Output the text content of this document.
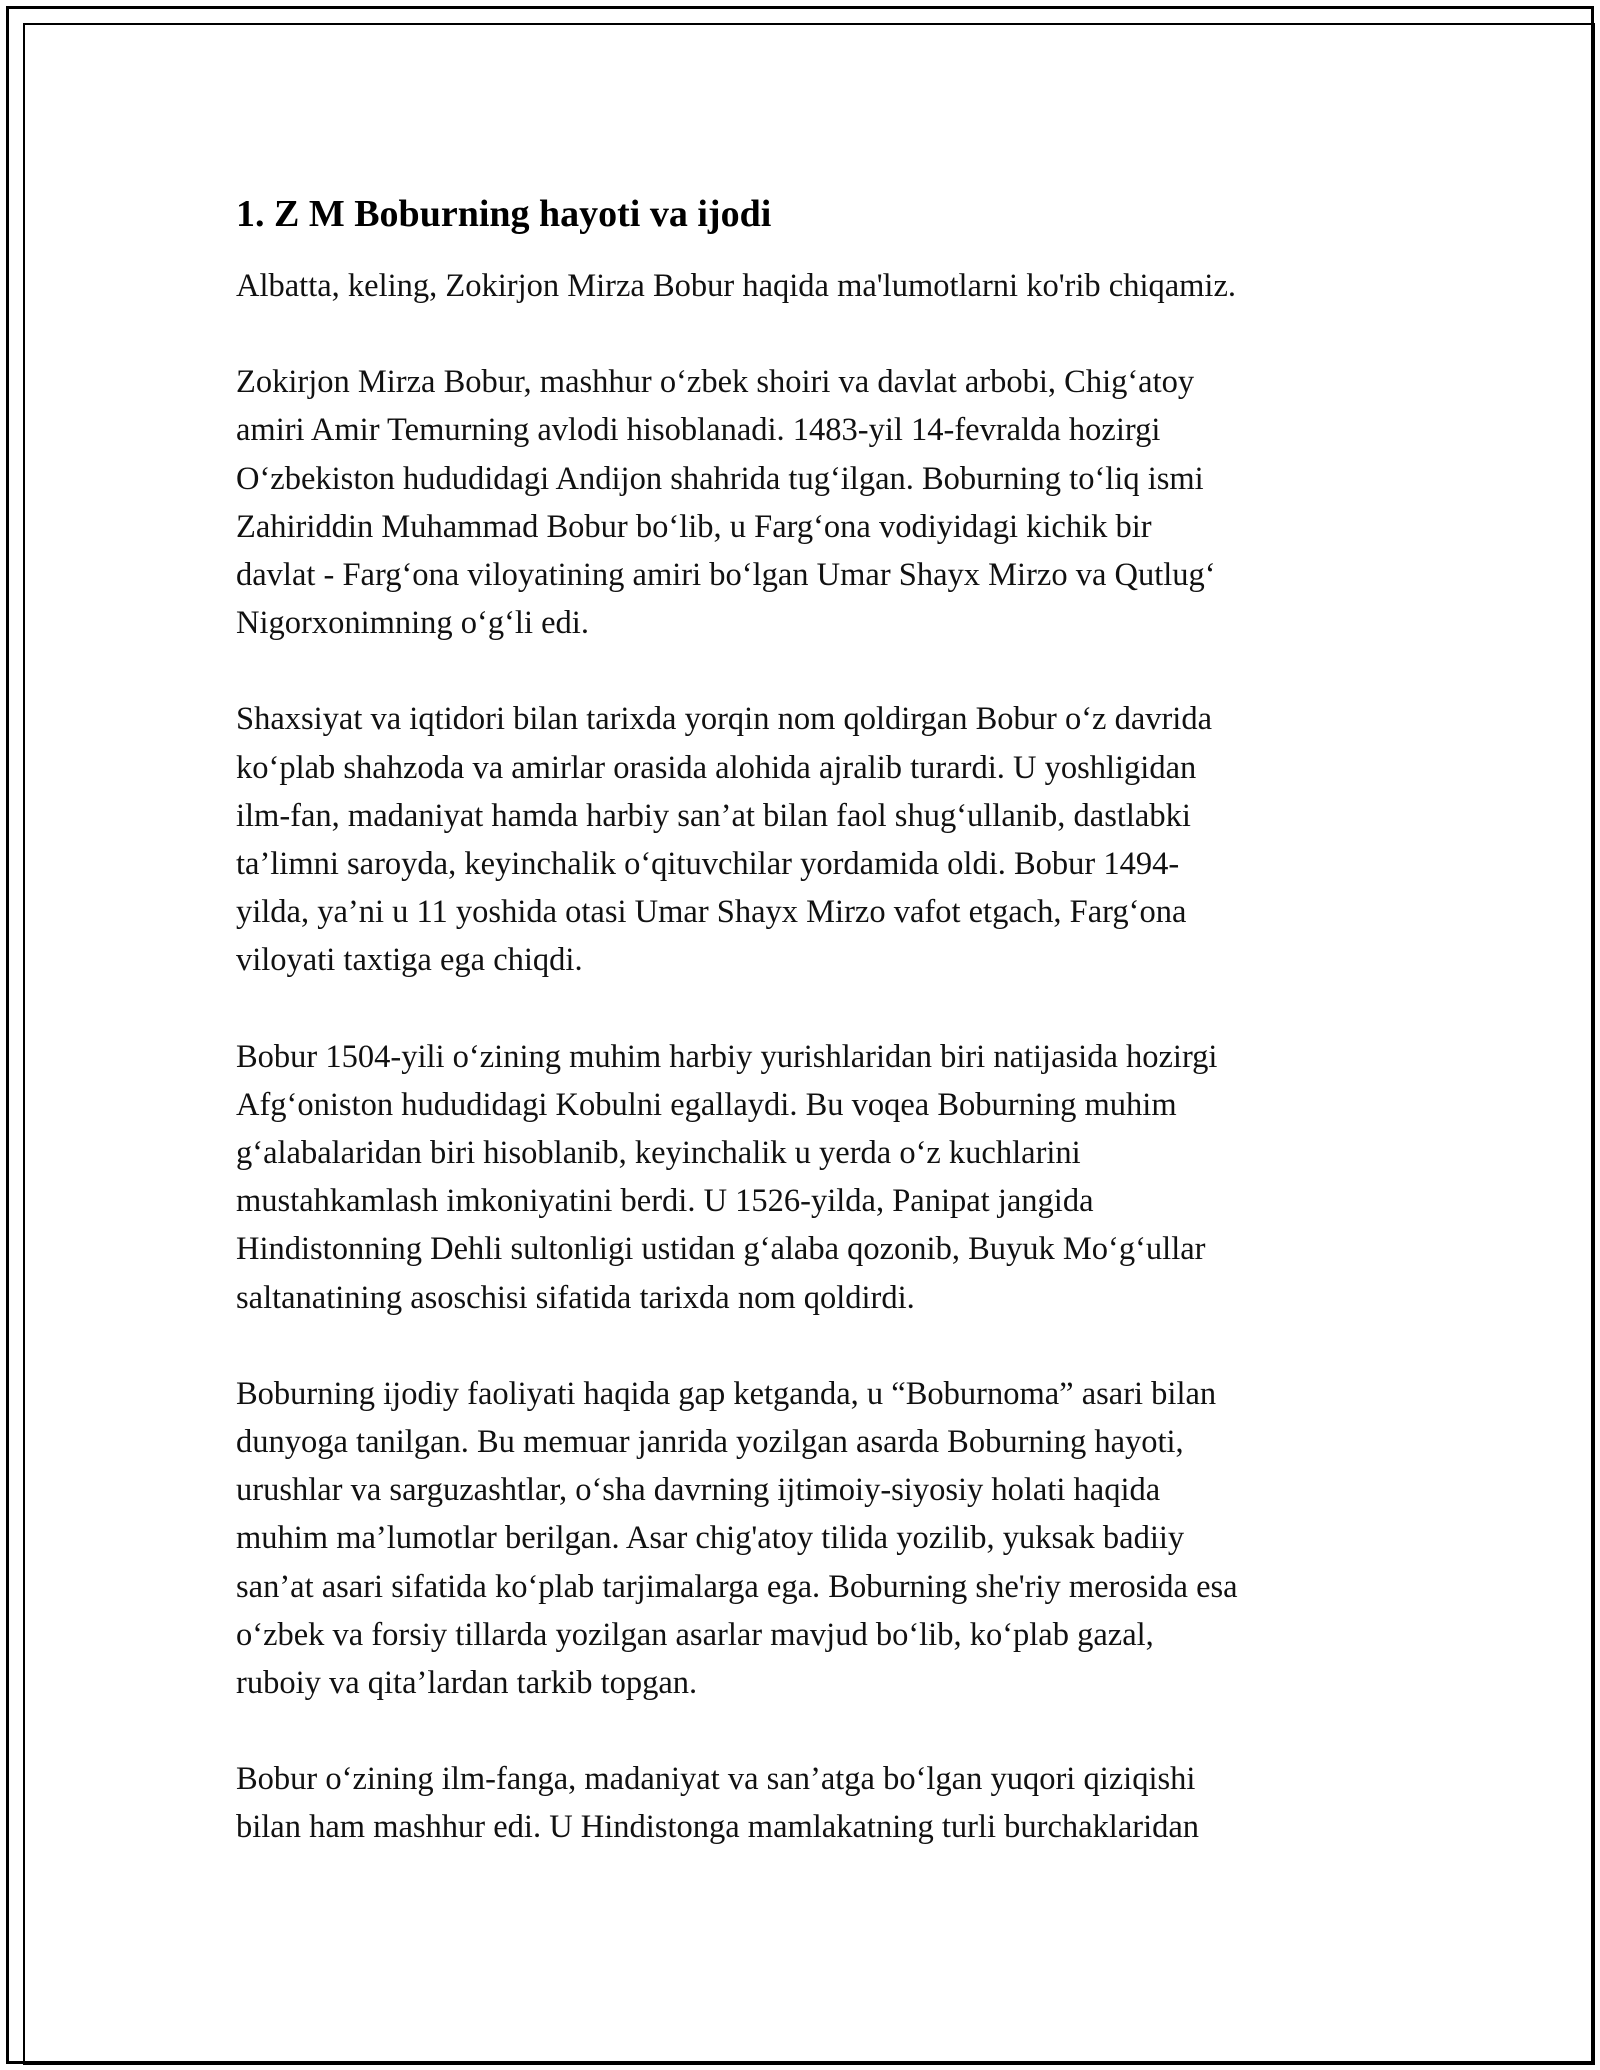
1. Z M Boburning hayoti va ijodi

Albatta, keling, Zokirjon Mirza Bobur haqida ma'lumotlarni ko'rib chiqamiz.

Zokirjon Mirza Bobur, mashhur o‘zbek shoiri va davlat arbobi, Chig‘atoy
amiri Amir Temurning avlodi hisoblanadi. 1483-yil 14-fevralda hozirgi
O‘zbekiston hududidagi Andijon shahrida tug‘ilgan. Boburning to‘liq ismi
Zahiriddin Muhammad Bobur bo‘lib, u Farg‘ona vodiyidagi kichik bir
davlat - Farg‘ona viloyatining amiri bo‘lgan Umar Shayx Mirzo va Qutlug‘
Nigorxonimning o‘g‘li edi.

Shaxsiyat va iqtidori bilan tarixda yorqin nom qoldirgan Bobur o‘z davrida
ko‘plab shahzoda va amirlar orasida alohida ajralib turardi. U yoshligidan
ilm-fan, madaniyat hamda harbiy san’at bilan faol shug‘ullanib, dastlabki
ta’limni saroyda, keyinchalik o‘qituvchilar yordamida oldi. Bobur 1494-
yilda, ya’ni u 11 yoshida otasi Umar Shayx Mirzo vafot etgach, Farg‘ona
viloyati taxtiga ega chiqdi.

Bobur 1504-yili o‘zining muhim harbiy yurishlaridan biri natijasida hozirgi
Afg‘oniston hududidagi Kobulni egallaydi. Bu voqea Boburning muhim
g‘alabalaridan biri hisoblanib, keyinchalik u yerda o‘z kuchlarini
mustahkamlash imkoniyatini berdi. U 1526-yilda, Panipat jangida
Hindistonning Dehli sultonligi ustidan g‘alaba qozonib, Buyuk Mo‘g‘ullar
saltanatining asoschisi sifatida tarixda nom qoldirdi.

Boburning ijodiy faoliyati haqida gap ketganda, u “Boburnoma” asari bilan
dunyoga tanilgan. Bu memuar janrida yozilgan asarda Boburning hayoti,
urushlar va sarguzashtlar, o‘sha davrning ijtimoiy-siyosiy holati haqida
muhim ma’lumotlar berilgan. Asar chig'atoy tilida yozilib, yuksak badiiy
san’at asari sifatida ko‘plab tarjimalarga ega. Boburning she'riy merosida esa
o‘zbek va forsiy tillarda yozilgan asarlar mavjud bo‘lib, ko‘plab gazal,
ruboiy va qita’lardan tarkib topgan.

Bobur o‘zining ilm-fanga, madaniyat va san’atga bo‘lgan yuqori qiziqishi
bilan ham mashhur edi. U Hindistonga mamlakatning turli burchaklaridan
